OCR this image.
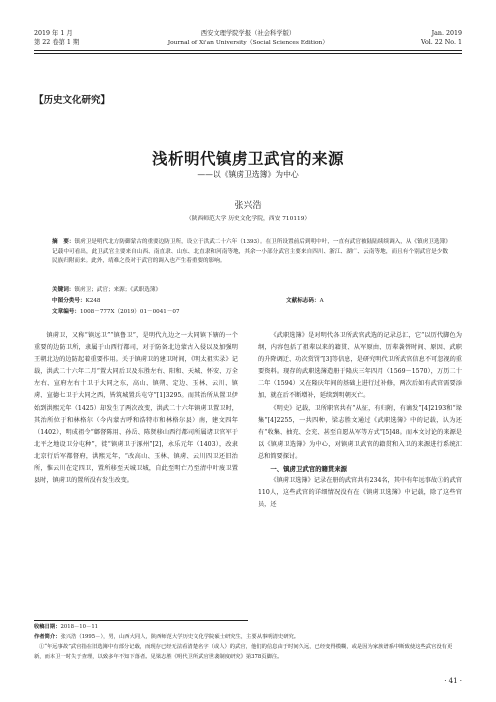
2019 年 1 月
第 22 卷第 1 期
西安文理学院学报（社会科学版）
Journal of Xi'an University（Social Sciences Edition）
Jan. 2019
Vol. 22 No. 1
【历史文化研究】
浅析明代镇虏卫武官的来源
——以《镇虏卫选簿》为中心
张兴浩
（陕西师范大学 历史文化学院，西安 710119）
摘　要：镇虏卫是明代北方防御蒙古的重要边防卫所，设立于洪武二十六年（1393）。在卫所设置前后到明中叶，一直有武官被陆陆续续调入，从《镇虏卫选簿》记载中可看出，此卫武官主要来自山西、南直隶、山东、北直隶和河南等地，其余一小部分武官主要来自四川、浙江、湖广、云南等地，而且有个别武官是少数民族归附而来。此外，靖难之役对于武官的调入也产生着重要的影响。
关键词：镇虏卫；武官；来源；《武职选簿》
中图分类号：K248	文献标志码：A
文章编号：1008－777X（2019）01－0041－07

镇虏卫，又称“镇远卫”“镇鲁卫”，是明代九边之一大同镇下辖的一个重要的边防卫所，隶属于山西行都司，对于防备北边蒙古入侵以及加强明王朝北边的边防起着重要作用。关于镇虏卫的建卫时间，《明太祖实录》记载，洪武二十六年二月“置大同后卫及东胜左右、阳和、天城、怀安、万全左右、宣府左右十卫于大同之东，高山、镇朔、定边、玉林、云川、镇虏、宣德七卫于大同之西，皆筑城置兵屯守”[1]3295。而其治所从置卫伊始到洪熙元年（1425）却发生了两次改变，洪武二十六年镇虏卫置卫时，其治所位于和林格尔（今内蒙古呼和浩特市和林格尔县）南，建文四年（1402），明成祖令“鄜督陈用、孙岳、陈贤移山西行都司所属诸卫官军于北平之地设卫分屯种”，徙“镇虏卫于涿州”[2]，永乐元年（1403），改隶北京行后军都督府，洪熙元年，“改高山、玉林、镇虏、云川四卫还旧治所，惟云川在定四卫，置所移至天城卫城，自此至明亡乃至清中叶废卫置县时，镇虏卫的置所没有发生改变。

《武职选簿》是对明代各卫所武官武选的记录总汇，它“以历代脚色为纲，内容包括了祖辈以来的籍贯、从军原由、历辈袭替时间、原因、武职的升降调迁、功次赏罚”[3]等信息，是研究明代卫所武官信息不可忽视的重要资料。现存的武职选簿造册于隆庆三年四月（1569－1570），万历二十二年（1594）又在隆庆年间的基础上进行过补修，两次后如有武官需要添加，就在后不断增补，延续到明朝灭亡。

《明史》记载，卫所职官共有“从征，有归附，有谪发”[4]2193和“垛集”[4]2255，一共四种，梁志胜文通过《武职选簿》中的记载，认为还有“收集、抽充、会充、甚至自愿从军等方式”[5]48。而本文讨论的来源是以《镇虏卫选簿》为中心，对镇虏卫武官的籍贯和入卫的来源进行系统汇总和简要探讨。

一、镇虏卫武官的籍贯来源

《镇虏卫选簿》记录在册的武官共有234名，其中有年远事故①的武官110人，这些武官的详细情况没有在《镇虏卫选簿》中记载，除了这些官员，还

收稿日期：2018－10－11
作者简介：张兴浩（1995－），男，山西大同人，陕西师范大学历史文化学院硕士研究生，主要从事明清史研究。
①“年远事故”武官指在旧选簿中有部分记载，而现存已经无法看清楚名字（或人）的武官，他们的信息由于时间久远，已经变得模糊，或是因为家族谱系中断致使这些武官没有更新，而本卫一时失于查理，以致多年不知下落者。见梁志胜《明代卫所武官世袭制度研究》第378页脚注。
· 41 ·
